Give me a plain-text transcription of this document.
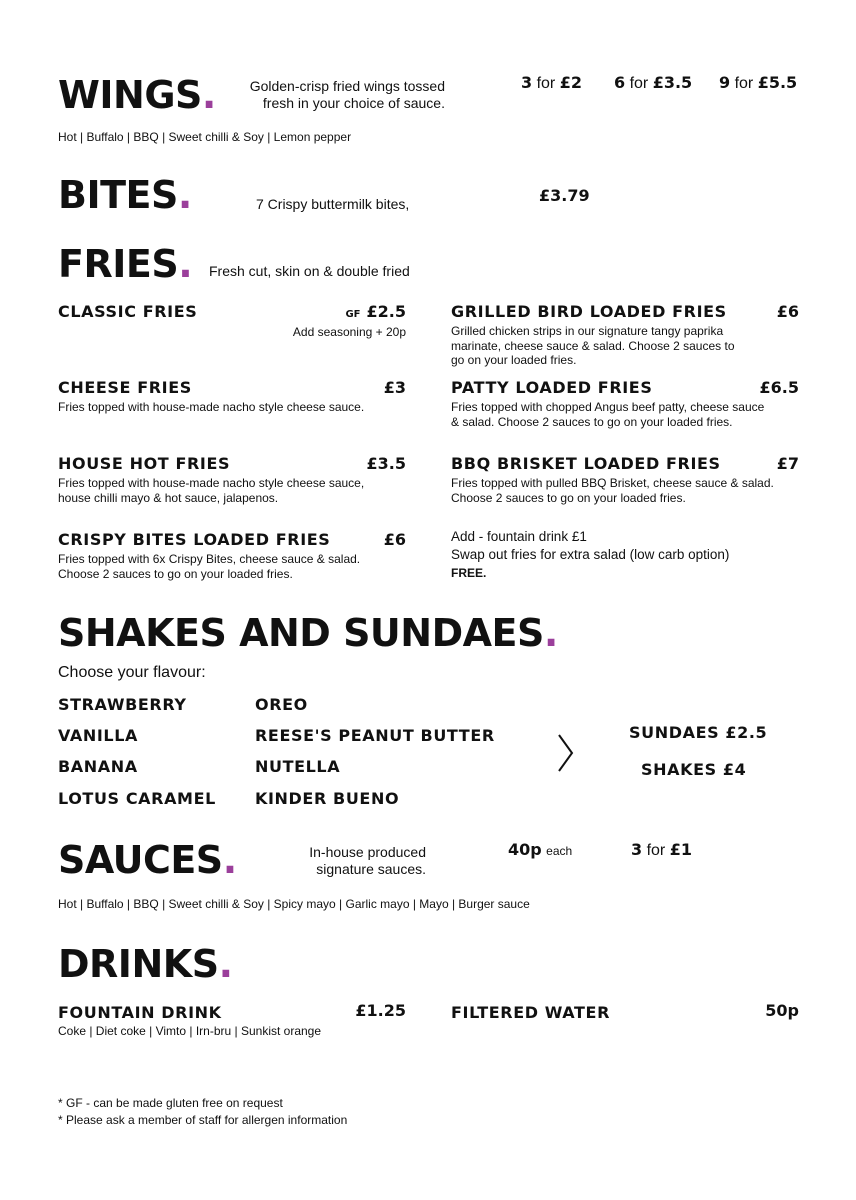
WINGS.	Golden-crisp fried wings tossed
fresh in your choice of sauce.
3 for £2 6 for £3.5 9 for £5.5
Hot | Buffalo | BBQ | Sweet chilli & Soy | Lemon pepper
BITES.	7 Crispy buttermilk bites,	£3.79
FRIES. Fresh cut, skin on & double fried
CLASSIC FRIES	GF £2.5
Add seasoning + 20p
CHEESE FRIES	£3
Fries topped with house-made nacho style cheese sauce.
HOUSE HOT FRIES	£3.5
Fries topped with house-made nacho style cheese sauce,
house chilli mayo & hot sauce, jalapenos.
CRISPY BITES LOADED FRIES	£6
Fries topped with 6x Crispy Bites, cheese sauce & salad.
Choose 2 sauces to go on your loaded fries.
GRILLED BIRD LOADED FRIES	£6
Grilled chicken strips in our signature tangy paprika
marinate, cheese sauce & salad. Choose 2 sauces to
go on your loaded fries.
PATTY LOADED FRIES	£6.5
Fries topped with chopped Angus beef patty, cheese sauce
& salad. Choose 2 sauces to go on your loaded fries.
BBQ BRISKET LOADED FRIES	£7
Fries topped with pulled BBQ Brisket, cheese sauce & salad.
Choose 2 sauces to go on your loaded fries.
Add - fountain drink £1
Swap out fries for extra salad (low carb option)
FREE.
SHAKES AND SUNDAES.
Choose your flavour:
STRAWBERRY
VANILLA
BANANA
LOTUS CARAMEL
OREO
REESE'S PEANUT BUTTER
NUTELLA
KINDER BUENO
SUNDAES £2.5
SHAKES £4
SAUCES.	In-house produced
signature sauces.
40p each	3 for £1
Hot | Buffalo | BBQ | Sweet chilli & Soy | Spicy mayo | Garlic mayo | Mayo | Burger sauce
DRINKS.
FOUNTAIN DRINK	£1.25
Coke | Diet coke | Vimto | Irn-bru | Sunkist orange
FILTERED WATER	50p
* GF - can be made gluten free on request
* Please ask a member of staff for allergen information
